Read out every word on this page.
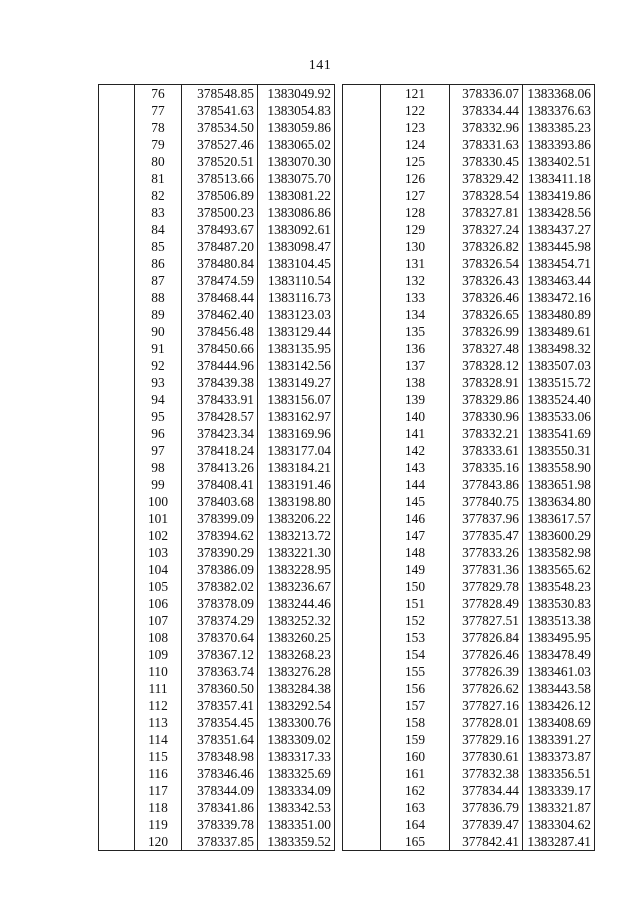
141
	76	378548.85	1383049.92
	77	378541.63	1383054.83
	78	378534.50	1383059.86
	79	378527.46	1383065.02
	80	378520.51	1383070.30
	81	378513.66	1383075.70
	82	378506.89	1383081.22
	83	378500.23	1383086.86
	84	378493.67	1383092.61
	85	378487.20	1383098.47
	86	378480.84	1383104.45
	87	378474.59	1383110.54
	88	378468.44	1383116.73
	89	378462.40	1383123.03
	90	378456.48	1383129.44
	91	378450.66	1383135.95
	92	378444.96	1383142.56
	93	378439.38	1383149.27
	94	378433.91	1383156.07
	95	378428.57	1383162.97
	96	378423.34	1383169.96
	97	378418.24	1383177.04
	98	378413.26	1383184.21
	99	378408.41	1383191.46
	100	378403.68	1383198.80
	101	378399.09	1383206.22
	102	378394.62	1383213.72
	103	378390.29	1383221.30
	104	378386.09	1383228.95
	105	378382.02	1383236.67
	106	378378.09	1383244.46
	107	378374.29	1383252.32
	108	378370.64	1383260.25
	109	378367.12	1383268.23
	110	378363.74	1383276.28
	111	378360.50	1383284.38
	112	378357.41	1383292.54
	113	378354.45	1383300.76
	114	378351.64	1383309.02
	115	378348.98	1383317.33
	116	378346.46	1383325.69
	117	378344.09	1383334.09
	118	378341.86	1383342.53
	119	378339.78	1383351.00
	120	378337.85	1383359.52
	121	378336.07	1383368.06
	122	378334.44	1383376.63
	123	378332.96	1383385.23
	124	378331.63	1383393.86
	125	378330.45	1383402.51
	126	378329.42	1383411.18
	127	378328.54	1383419.86
	128	378327.81	1383428.56
	129	378327.24	1383437.27
	130	378326.82	1383445.98
	131	378326.54	1383454.71
	132	378326.43	1383463.44
	133	378326.46	1383472.16
	134	378326.65	1383480.89
	135	378326.99	1383489.61
	136	378327.48	1383498.32
	137	378328.12	1383507.03
	138	378328.91	1383515.72
	139	378329.86	1383524.40
	140	378330.96	1383533.06
	141	378332.21	1383541.69
	142	378333.61	1383550.31
	143	378335.16	1383558.90
	144	377843.86	1383651.98
	145	377840.75	1383634.80
	146	377837.96	1383617.57
	147	377835.47	1383600.29
	148	377833.26	1383582.98
	149	377831.36	1383565.62
	150	377829.78	1383548.23
	151	377828.49	1383530.83
	152	377827.51	1383513.38
	153	377826.84	1383495.95
	154	377826.46	1383478.49
	155	377826.39	1383461.03
	156	377826.62	1383443.58
	157	377827.16	1383426.12
	158	377828.01	1383408.69
	159	377829.16	1383391.27
	160	377830.61	1383373.87
	161	377832.38	1383356.51
	162	377834.44	1383339.17
	163	377836.79	1383321.87
	164	377839.47	1383304.62
	165	377842.41	1383287.41
